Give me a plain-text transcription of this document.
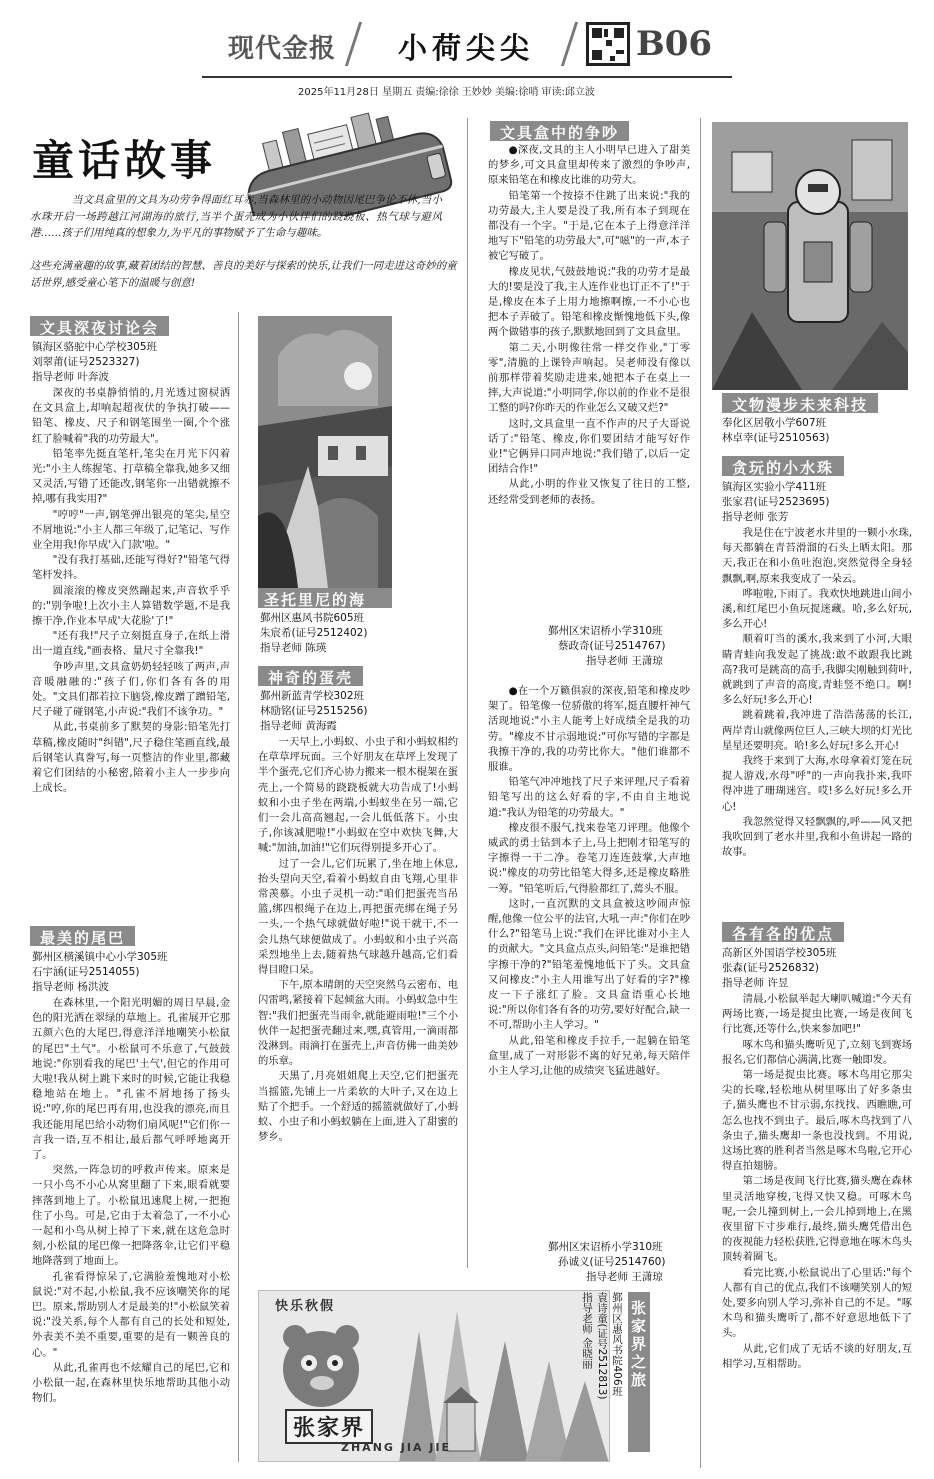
现代金报 小荷尖尖	B06
2025年11月28日 星期五 责编:徐徐 王妙妙 美编:徐哨 审读:邱立波
童话故事
当文具盒里的文具为功劳争得面红耳赤,当森林里的小动物因尾巴争论不休,当小水珠开启一场跨越江河湖海的旅行,当半个蛋壳成为小伙伴们的跷跷板、热气球与避风港……孩子们用纯真的想象力,为平凡的事物赋予了生命与趣味。
这些充满童趣的故事,藏着团结的智慧、善良的美好与探索的快乐,让我们一同走进这奇妙的童话世界,感受童心笔下的温暖与创意!
文具深夜讨论会
镇海区骆驼中心学校305班
刘翠莆(证号2523327)
指导老师 叶奔波

深夜的书桌静悄悄的,月光透过窗棂洒在文具盒上,却响起超夜伏的争执打破——铅笔、橡皮、尺子和钢笔围坐一圈,个个涨红了脸喊着"我的功劳最大"。

铅笔率先挺直笔杆,笔尖在月光下闪着光:"小主人练握笔、打草稿全靠我,她多又细又灵活,写错了还能改,钢笔你一出错就擦不掉,哪有我实用?"

"哼哼"一声,钢笔弹出银亮的笔尖,星空不屑地说:"小主人都三年级了,记笔记、写作业全用我!你早成'入门款'啦。"

"没有我打基础,还能写得好?"铅笔气得笔杆发抖。

圆滚滚的橡皮突然蹦起来,声音软乎乎的:"别争啦!上次小主人算错数学题,不是我擦干净,作业本早成'大花脸'了!"

"还有我!"尺子立刻挺直身子,在纸上滑出一道直线,"画表格、量尺寸全靠我!"

争吵声里,文具盒奶奶轻轻咳了两声,声音暖融融的:"孩子们,你们各有各的用处。"文具们都若拉下脑袋,橡皮蹭了蹭铅笔,尺子碰了碰钢笔,小声说:"我们不该争功。"

从此,书桌前多了默契的身影:铅笔先打草稿,橡皮随时"纠错",尺子稳住笔画直线,最后钢笔认真誊写,每一页整洁的作业里,都藏着它们团结的小秘密,陪着小主人一步步向上成长。

最美的尾巴
鄞州区横溪镇中心小学305班
石宇涵(证号2514055)
指导老师 杨洪波

在森林里,一个阳光明媚的周日早晨,金色的阳光洒在翠绿的草地上。孔雀展开它那五颜六色的大尾巴,得意洋洋地嘲笑小松鼠的尾巴"土气"。小松鼠可不乐意了,气鼓鼓地说:"你别看我的尾巴'土气',但它的作用可大啦!我从树上跳下来时的时候,它能让我稳稳地站在地上。"孔雀不屑地扬了扬头说:"哼,你的尾巴再有用,也没我的漂亮,而且我还能用尾巴给小动物们扇风呢!"它们你一言我一语,互不相让,最后都气呼呼地离开了。

突然,一阵急切的呼救声传来。原来是一只小鸟不小心从窝里翻了下来,眼看就要摔落到地上了。小松鼠迅速爬上树,一把抱住了小鸟。可是,它由于太着急了,一不小心一起和小鸟从树上掉了下来,就在这危急时刻,小松鼠的尾巴像一把降落伞,让它们平稳地降落到了地面上。

孔雀看得惊呆了,它满脸羞愧地对小松鼠说:"对不起,小松鼠,我不应该嘲笑你的尾巴。原来,帮助别人才是最美的!"小松鼠笑着说:"没关系,每个人都有自己的长处和短处,外表美不美不重要,重要的是有一颗善良的心。"

从此,孔雀再也不炫耀自己的尾巴,它和小松鼠一起,在森林里快乐地帮助其他小动物们。

圣托里尼的海
鄞州区惠风书院605班
朱宸希(证号2512402)
指导老师 陈瑛
神奇的蛋壳
鄞州新蓝青学校302班
林励铭(证号2515256)
指导老师 黄海霞

一天早上,小蚂蚁、小虫子和小蚂蚁相约在草草坪玩面。三个好朋友在草坪上发现了半个蛋壳,它们齐心协力搬来一根木棍架在蛋壳上,一个简易的跷跷板就大功告成了!小蚂蚁和小虫子坐在两端,小蚂蚁坐在另一端,它们一会儿高高翘起,一会儿低低落下。小虫子,你该减肥啦!"小蚂蚁在空中欢快飞舞,大喊:"加油,加油!"它们玩得别提多开心了。

过了一会儿,它们玩累了,坐在地上休息,抬头望向天空,看着小蚂蚁自由飞翔,心里非常羡慕。小虫子灵机一动:"咱们把蛋壳当吊篮,绑四根绳子在边上,再把蛋壳绑在绳子另一头,一个热气球就做好啦!"说干就干,不一会儿热气球便做成了。小蚂蚁和小虫子兴高采烈地坐上去,随着热气球越升越高,它们看得目瞪口呆。

下午,原本晴朗的天空突然乌云密布、电闪雷鸣,紧接着下起倾盆大雨。小蚂蚁急中生智:"我们把蛋壳当雨伞,就能避雨啦!"三个小伙伴一起把蛋壳翻过来,嘿,真管用,一滴雨都没淋到。雨滴打在蛋壳上,声音仿佛一曲美妙的乐章。

天黑了,月亮姐姐爬上天空,它们把蛋壳当摇篮,先铺上一片柔软的大叶子,又在边上贴了个把手。一个舒适的摇篮就做好了,小蚂蚁、小虫子和小蚂蚁躺在上面,进入了甜蜜的梦乡。

文具盒中的争吵

●深夜,文具的主人小明早已进入了甜美的梦乡,可文具盒里却传来了激烈的争吵声,原来铅笔在和橡皮比谁的功劳大。

铅笔第一个按捺不住跳了出来说:"我的功劳最大,主人要是没了我,所有本子到现在都没有一个字。"于是,它在本子上得意洋洋地写下"铅笔的功劳最大",可"嗞"的一声,本子被它写破了。

橡皮见状,气鼓鼓地说:"我的功劳才是最大的!要是没了我,主人连作业也订正不了!"于是,橡皮在本子上用力地擦啊擦,一不小心也把本子弄破了。铅笔和橡皮惭愧地低下头,像两个做错事的孩子,默默地回到了文具盒里。

第二天,小明像往常一样交作业,"丁零零",清脆的上课铃声响起。吴老师没有像以前那样带着奖励走进来,她把本子在桌上一摔,大声说道:"小明同学,你以前的作业不是很工整的吗?你昨天的作业怎么又破又烂?"

这时,文具盒里一直不作声的尺子大哥说话了:"铅笔、橡皮,你们要团结才能写好作业!"它俩异口同声地说:"我们错了,以后一定团结合作!"

从此,小明的作业又恢复了往日的工整,还经常受到老师的表扬。

鄞州区宋诏桥小学310班
蔡政奇(证号2514767)
指导老师 王潇琼

●在一个万籁俱寂的深夜,铅笔和橡皮吵架了。铅笔像一位骄傲的将军,挺直腰杆神气活现地说:"小主人能考上好成绩全是我的功劳。"橡皮不甘示弱地说:"可你写错的字都是我擦干净的,我的功劳比你大。"他们谁都不服谁。

铅笔气冲冲地找了尺子来评理,尺子看着铅笔写出的这么好看的字,不由自主地说道:"我认为铅笔的功劳最大。"

橡皮很不服气,找来卷笔刀评理。他像个威武的勇士钻到本子上,马上把刚才铅笔写的字擦得一干二净。卷笔刀连连鼓掌,大声地说:"橡皮的功劳比铅笔大得多,还是橡皮略胜一筹。"铅笔听后,气得脸都红了,蔫头不服。

这时,一直沉默的文具盒被这吵闹声惊醒,他像一位公平的法官,大吼一声:"你们在吵什么?"铅笔马上说:"我们在评比谁对小主人的贡献大。"文具盒点点头,问铅笔:"是谁把错字擦干净的?"铅笔羞愧地低下了头。文具盒又问橡皮:"小主人用谁写出了好看的字?"橡皮一下子涨红了脸。文具盒语重心长地说:"所以你们各有各的功劳,要好好配合,缺一不可,帮助小主人学习。"

从此,铅笔和橡皮手拉手,一起躺在铅笔盒里,成了一对形影不离的好兄弟,每天陪伴小主人学习,让他的成绩突飞猛进越好。

鄞州区宋诏桥小学310班
孙诚义(证号2514760)
指导老师 王潇琼
快乐秋假
张家界
ZHANG JIA JIE
张家界之旅
鄞州区惠风书院406班
袁诗童(证号2512813)
指导老师 金晓丽
文物漫步未来科技
奉化区居敬小学607班
林卓幸(证号2510563)
贪玩的小水珠
镇海区实验小学411班
张家君(证号2523695)
指导老师 张芳

我是住在宁波老水井里的一颗小水珠,每天都躺在青苔滑溜的石头上晒太阳。那天,我正在和小鱼吐泡泡,突然觉得全身轻飘飘,啊,原来我变成了一朵云。

哗啦啦,下雨了。我欢快地跳进山间小溪,和红尾巴小鱼玩捉迷藏。哈,多么好玩,多么开心!

顺着叮当的溪水,我来到了小河,大眼睛青蛙向我发起了挑战:敢不敢跟我比跳高?我可是跳高的高手,我脚尖刚触到荷叶,就跳到了声音的高度,青蛙竖不绝口。啊!多么好玩!多么开心!

跳着跳着,我冲进了浩浩荡荡的长江,两岸青山就像两位巨人,三峡大坝的灯光比星星还要明亮。哈!多么好玩!多么开心!

我终于来到了大海,水母拿着灯笼在玩捉人游戏,水母"呼"的一声向我扑来,我吓得冲进了珊瑚迷宫。哎!多么好玩!多么开心!

我忽然觉得又轻飘飘的,呼——风又把我吹回到了老水井里,我和小鱼讲起一路的故事。

各有各的优点
高新区外国语学校305班
张森(证号2526832)
指导老师 许昱

清晨,小松鼠举起大喇叭喊道:"今天有两场比赛,一场是捉虫比赛,一场是夜间飞行比赛,还等什么,快来参加吧!"

啄木鸟和猫头鹰听见了,立刻飞到赛场报名,它们都信心满满,比赛一触即发。

第一场是捉虫比赛。啄木鸟用它那尖尖的长喙,轻松地从树里啄出了好多条虫子,猫头鹰也不甘示弱,东找找、西瞧瞧,可怎么也找不到虫子。最后,啄木鸟找到了八条虫子,猫头鹰却一条也没找到。不用说,这场比赛的胜利者当然是啄木鸟啦,它开心得直拍翅膀。

第二场是夜间飞行比赛,猫头鹰在森林里灵活地穿梭,飞得又快又稳。可啄木鸟呢,一会儿撞到树上,一会儿掉到地上,在黑夜里留下寸步难行,最终,猫头鹰凭借出色的夜视能力轻松获胜,它得意地在啄木鸟头顶转着圈飞。

看完比赛,小松鼠说出了心里话:"每个人都有自己的优点,我们不该嘲笑别人的短处,要多向别人学习,弥补自己的不足。"啄木鸟和猫头鹰听了,都不好意思地低下了头。

从此,它们成了无话不谈的好朋友,互相学习,互相帮助。
